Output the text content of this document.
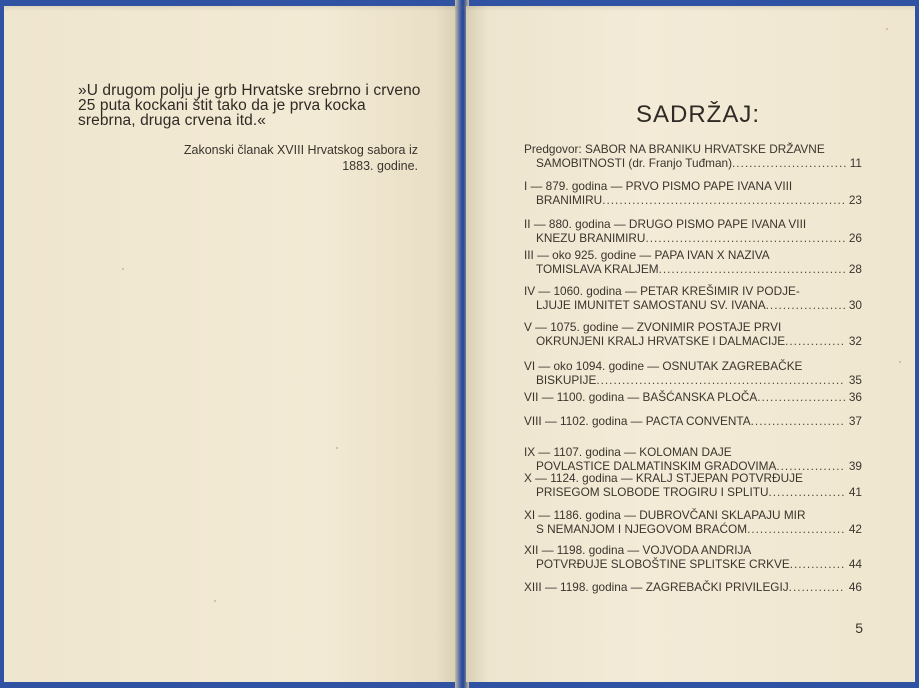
»U drugom polju je grb Hrvatske srebrno i crveno 25 puta kockani štit tako da je prva kocka srebrna, druga crvena itd.«
Zakonski članak XVIII Hrvatskog sabora iz 1883. godine.
SADRŽAJ:
Predgovor: SABOR NA BRANIKU HRVATSKE DRŽAVNE
SAMOBITNOSTI (dr. Franjo Tuđman)........................... 11
I — 879. godina — PRVO PISMO PAPE IVANA VIII
BRANIMIRU......................................................... 23
II — 880. godina — DRUGO PISMO PAPE IVANA VIII
KNEZU BRANIMIRU............................................... 26
III — oko 925. godine — PAPA IVAN X NAZIVA
TOMISLAVA KRALJEM............................................ 28
IV — 1060. godina — PETAR KREŠIMIR IV PODJE-
LJUJE IMUNITET SAMOSTANU SV. IVANA................... 30
V — 1075. godine — ZVONIMIR POSTAJE PRVI
OKRUNJENI KRALJ HRVATSKE I DALMACIJE.............. 32
VI — oko 1094. godine — OSNUTAK ZAGREBAČKE
BISKUPIJE.......................................................... 35
VII — 1100. godina — BAŠĆANSKA PLOČA..................... 36
VIII — 1102. godina — PACTA CONVENTA...................... 37
IX — 1107. godina — KOLOMAN DAJE
POVLASTICE DALMATINSKIM GRADOVIMA................ 39
X — 1124. godina — KRALJ STJEPAN POTVRĐUJE
PRISEGOM SLOBODE TROGIRU I SPLITU.................. 41
XI — 1186. godina — DUBROVČANI SKLAPAJU MIR
S NEMANJOM I NJEGOVOM BRAĆOM....................... 42
XII — 1198. godina — VOJVODA ANDRIJA
POTVRĐUJE SLOBOŠTINE SPLITSKE CRKVE............. 44
XIII — 1198. godina — ZAGREBAČKI PRIVILEGIJ............. 46
5
